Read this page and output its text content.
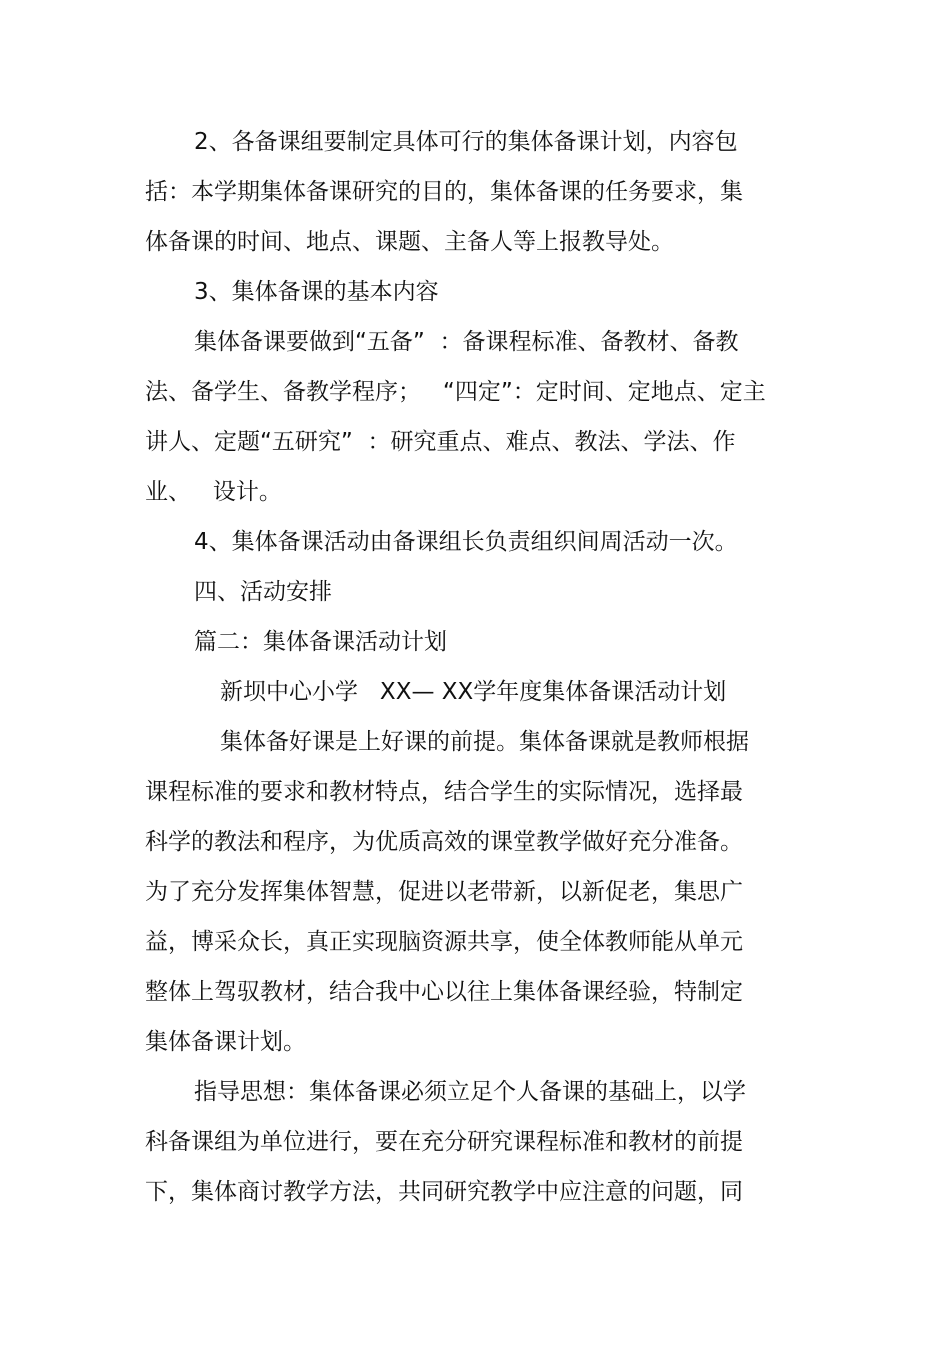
2、各备课组要制定具体可行的集体备课计划，内容包

括：本学期集体备课研究的目的，集体备课的任务要求，集

体备课的时间、地点、课题、主备人等上报教导处。

3、集体备课的基本内容

集体备课要做到“五备”  ：备课程标准、备教材、备教

法、备学生、备教学程序；   “四定”：定时间、定地点、定主

讲人、定题“五研究”  ：研究重点、难点、教法、学法、作

业、   设计。

4、集体备课活动由备课组长负责组织间周活动一次。

四、活动安排

篇二：集体备课活动计划

新坝中心小学   XX— XX学年度集体备课活动计划

集体备好课是上好课的前提。集体备课就是教师根据

课程标准的要求和教材特点，结合学生的实际情况，选择最

科学的教法和程序，为优质高效的课堂教学做好充分准备。

为了充分发挥集体智慧，促进以老带新，以新促老，集思广

益，博采众长，真正实现脑资源共享，使全体教师能从单元

整体上驾驭教材，结合我中心以往上集体备课经验，特制定

集体备课计划。

指导思想：集体备课必须立足个人备课的基础上，以学

科备课组为单位进行，要在充分研究课程标准和教材的前提

下，集体商讨教学方法，共同研究教学中应注意的问题，同
